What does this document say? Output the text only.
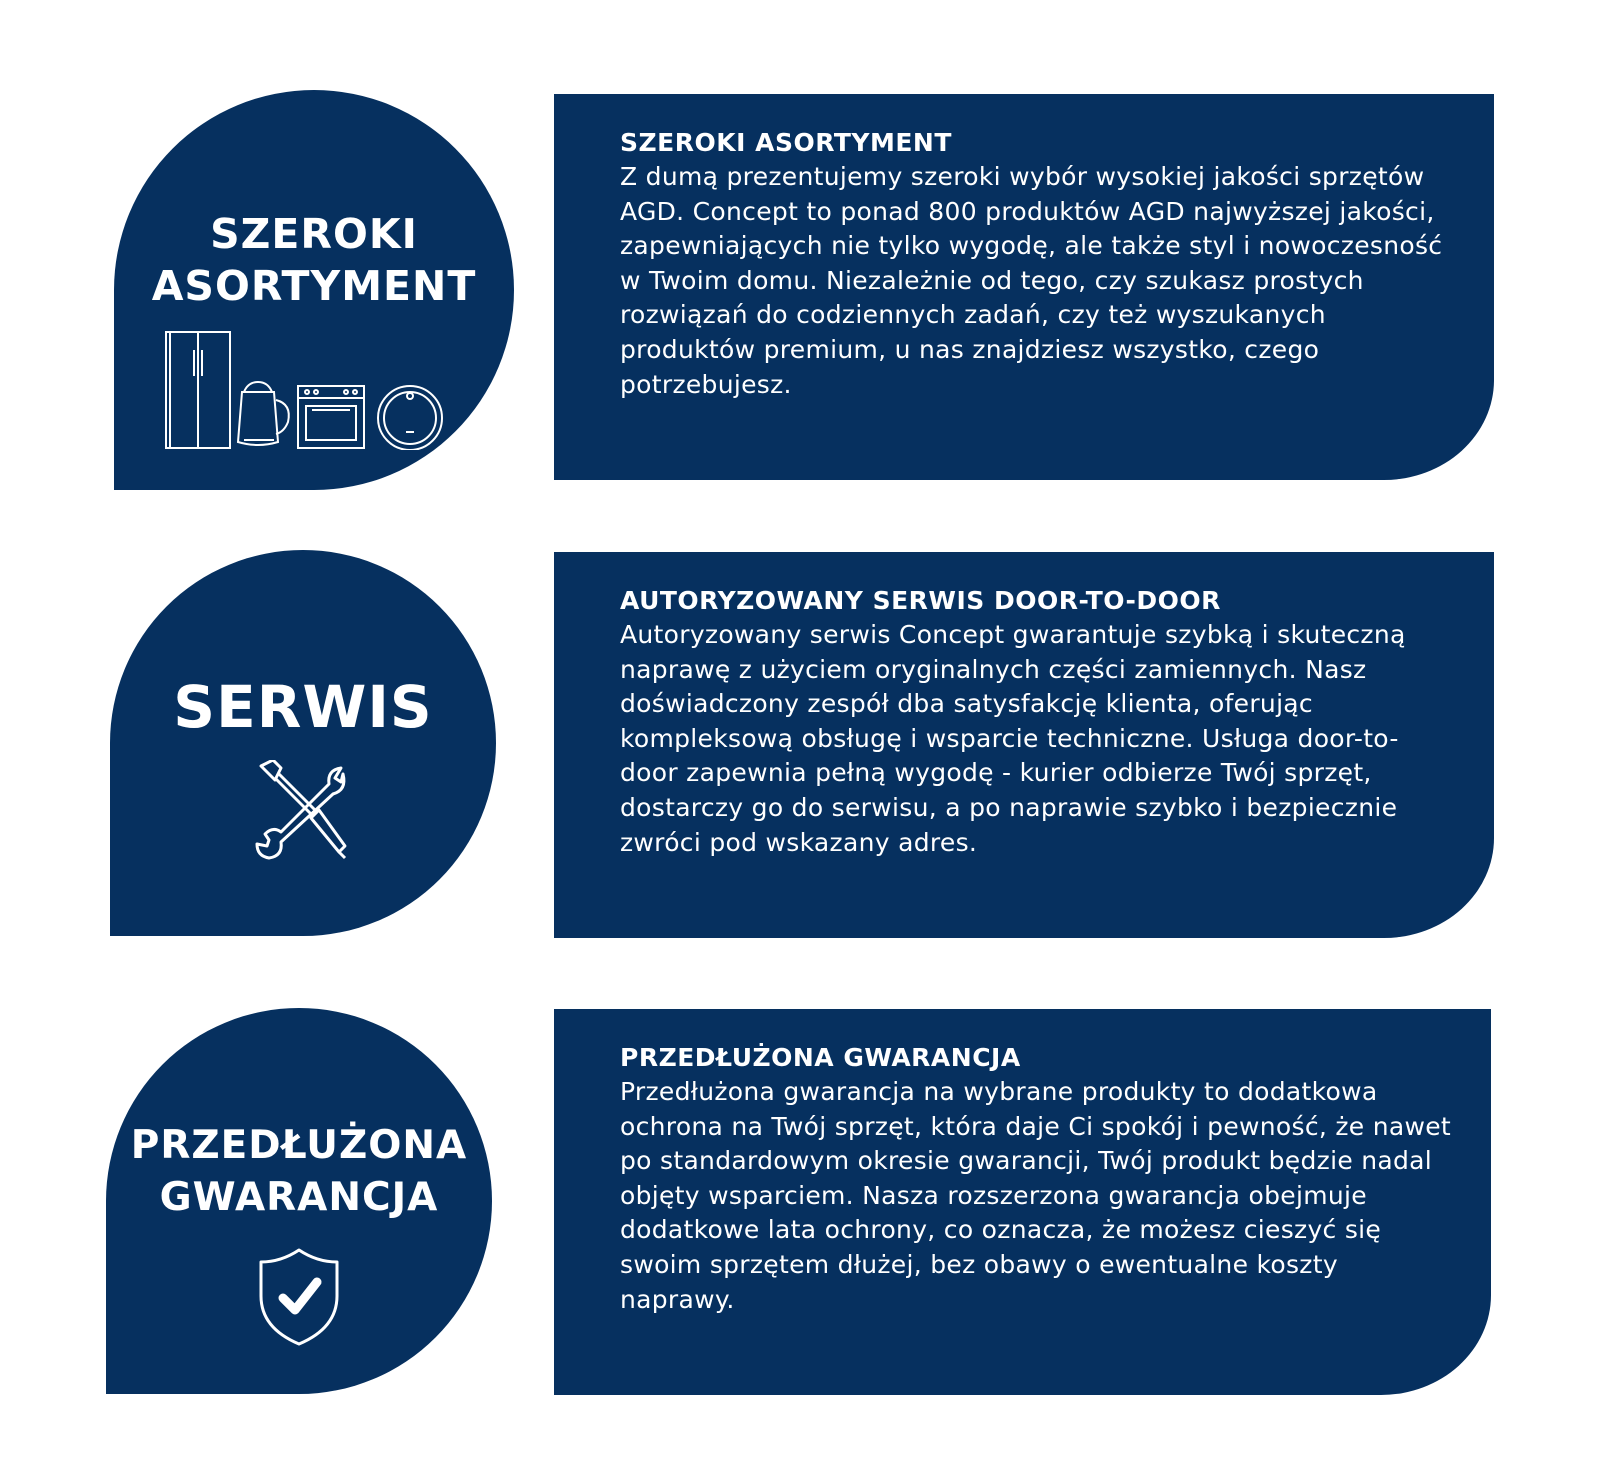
SZEROKI
ASORTYMENT
SZEROKI ASORTYMENT
Z dumą prezentujemy szeroki wybór wysokiej jakości sprzętów AGD. Concept to ponad 800 produktów AGD najwyższej jakości, zapewniających nie tylko wygodę, ale także styl i nowoczesność w Twoim domu. Niezależnie od tego, czy szukasz prostych rozwiązań do codziennych zadań, czy też wyszukanych produktów premium, u nas znajdziesz wszystko, czego potrzebujesz.
SERWIS
AUTORYZOWANY SERWIS DOOR-TO-DOOR
Autoryzowany serwis Concept gwarantuje szybką i skuteczną naprawę z użyciem oryginalnych części zamiennych. Nasz doświadczony zespół dba satysfakcję klienta, oferując kompleksową obsługę i wsparcie techniczne. Usługa door-to-door zapewnia pełną wygodę - kurier odbierze Twój sprzęt, dostarczy go do serwisu, a po naprawie szybko i bezpiecznie zwróci pod wskazany adres.
PRZEDŁUŻONA
GWARANCJA
PRZEDŁUŻONA GWARANCJA
Przedłużona gwarancja na wybrane produkty to dodatkowa ochrona na Twój sprzęt, która daje Ci spokój i pewność, że nawet po standardowym okresie gwarancji, Twój produkt będzie nadal objęty wsparciem. Nasza rozszerzona gwarancja obejmuje dodatkowe lata ochrony, co oznacza, że możesz cieszyć się swoim sprzętem dłużej, bez obawy o ewentualne koszty naprawy.
